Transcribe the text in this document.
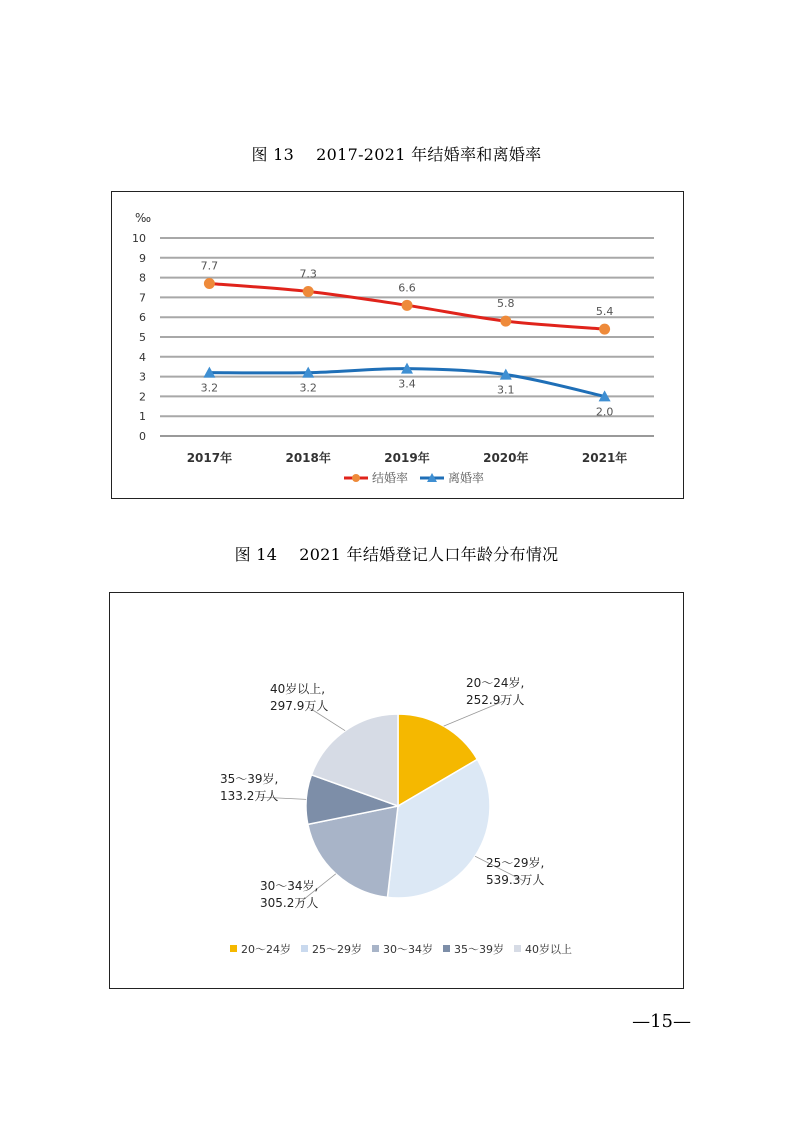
图 13 2017-2021 年结婚率和离婚率
‰
0
1
2
3
4
5
6
7
8
9
10
2017年	2018年	2019年	2020年	2021年
7.7
7.3
6.6
5.8
5.4
3.2	3.2	3.4	3.1
2.0
结婚率	离婚率
图 14 2021 年结婚登记人口年龄分布情况
20～24岁, 252.9万人
25～29岁, 539.3万人
30～34岁, 305.2万人
35～39岁, 133.2万人
40岁以上, 297.9万人
20～24岁 25～29岁 30～34岁 35～39岁 40岁以上
—15—
